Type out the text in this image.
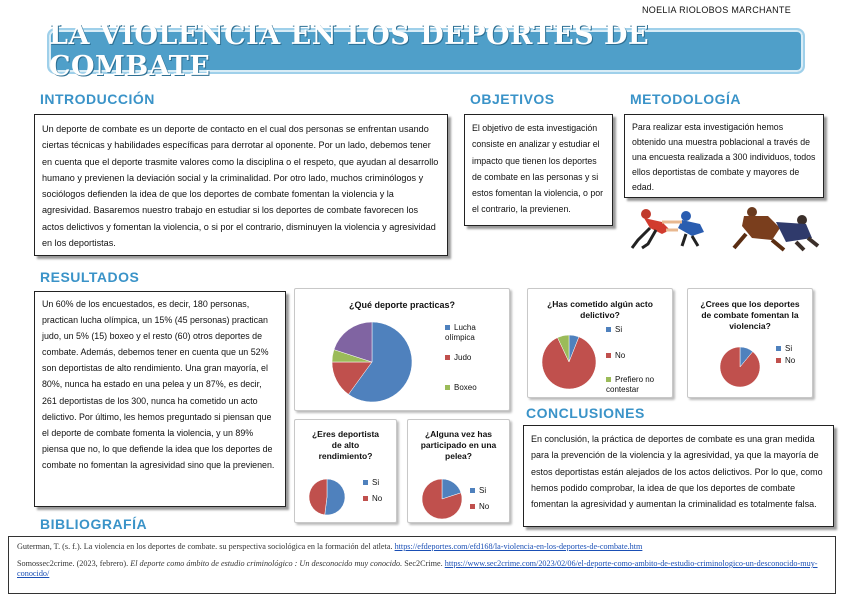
NOELIA RIOLOBOS MARCHANTE
LA VIOLENCIA EN LOS DEPORTES DE COMBATE
INTRODUCCIÓN	OBJETIVOS	METODOLOGÍA
RESULTADOS
CONCLUSIONES
BIBLIOGRAFÍA
Un deporte de combate es un deporte de contacto en el cual dos personas se enfrentan usando ciertas técnicas y habilidades específicas para derrotar al oponente. Por un lado, debemos tener en cuenta que el deporte trasmite valores como la disciplina o el respeto, que ayudan al desarrollo humano y previenen la deviación social y la criminalidad. Por otro lado, muchos criminólogos y sociólogos defienden la idea de que los deportes de combate fomentan la violencia y la agresividad. Basaremos nuestro trabajo en estudiar si los deportes de combate favorecen los actos delictivos y fomentan la violencia, o si por el contrario, disminuyen la violencia y agresividad en los deportistas.
El objetivo de esta investigación consiste en analizar y estudiar el impacto que tienen los deportes de combate en las personas y si estos fomentan la violencia, o por el contrario, la previenen.
Para realizar esta investigación hemos obtenido una muestra poblacional a través de una encuesta realizada a 300 individuos, todos ellos deportistas de combate y mayores de edad.
Un 60% de los encuestados, es decir, 180 personas, practican lucha olímpica, un 15% (45 personas) practican judo, un 5% (15) boxeo y el resto (60) otros deportes de combate. Además, debemos tener en cuenta que un 52% son deportistas de alto rendimiento. Una gran mayoría, el 80%, nunca ha estado en una pelea y un 87%, es decir, 261 deportistas de los 300, nunca ha cometido un acto delictivo. Por último, les hemos preguntado si piensan que el deporte de combate fomenta la violencia, y un 89% piensa que no, lo que defiende la idea que los deportes de combate no fomentan la agresividad sino que la previenen.
En conclusión, la práctica de deportes de combate es una gran medida para la prevención de la violencia y la agresividad, ya que la mayoría de estos deportistas están alejados de los actos delictivos. Por lo que, como hemos podido comprobar, la idea de que los deportes de combate fomentan la agresividad y aumentan la criminalidad es totalmente falsa.
¿Qué deporte practicas?
Lucha olímpica
Judo
Boxeo
¿Has cometido algún acto delictivo?
Si
No
Prefiero no contestar
¿Crees que los deportes de combate fomentan la violencia?
Si
No
¿Eres deportista de alto rendimiento?
Si
No
¿Alguna vez has participado en una pelea?
Si
No

Guterman, T. (s. f.). La violencia en los deportes de combate. su perspectiva sociológica en la formación del atleta. https://efdeportes.com/efd168/la-violencia-en-los-deportes-de-combate.htm

Somossec2crime. (2023, febrero). El deporte como ámbito de estudio criminológico : Un desconocido muy conocido. Sec2Crime. https://www.sec2crime.com/2023/02/06/el-deporte-como-ambito-de-estudio-criminologico-un-desconocido-muy-conocido/
